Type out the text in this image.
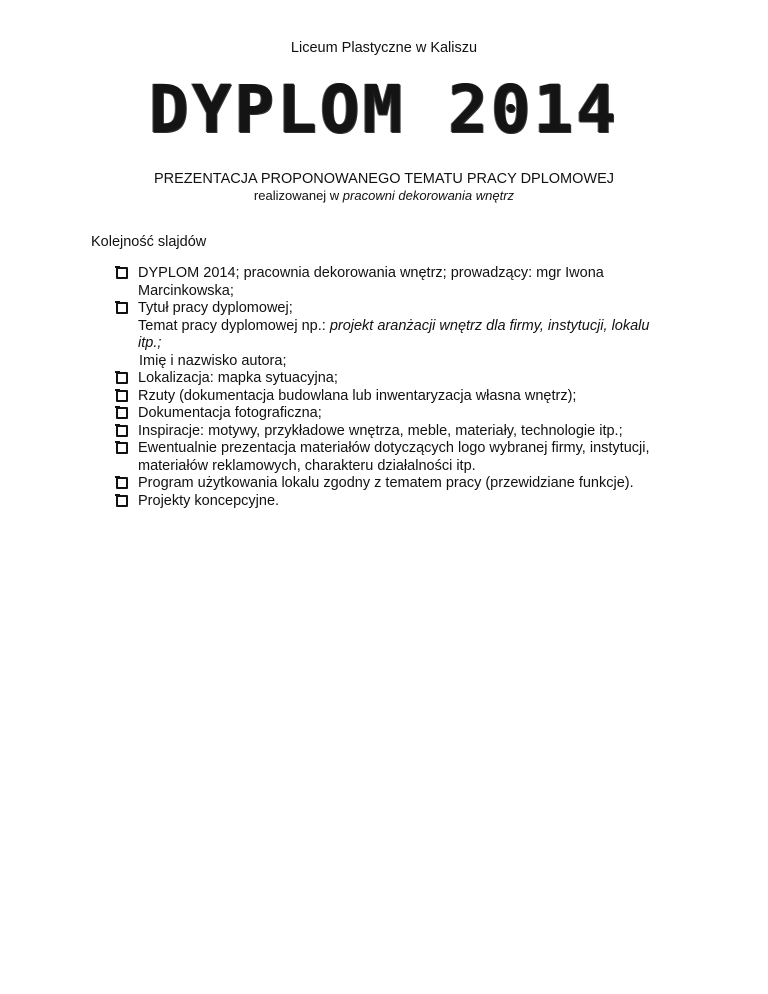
Liceum Plastyczne w Kaliszu
DYPLOM 2014
PREZENTACJA PROPONOWANEGO TEMATU PRACY DPLOMOWEJ
realizowanej w pracowni dekorowania wnętrz
Kolejność slajdów
DYPLOM 2014; pracownia dekorowania wnętrz; prowadzący: mgr Iwona Marcinkowska;
Tytuł pracy dyplomowej;
Temat pracy dyplomowej np.: projekt aranżacji wnętrz dla firmy, instytucji, lokalu itp.;
Imię i nazwisko autora;
Lokalizacja: mapka sytuacyjna;
Rzuty (dokumentacja budowlana lub inwentaryzacja własna wnętrz);
Dokumentacja fotograficzna;
Inspiracje: motywy, przykładowe wnętrza, meble, materiały, technologie itp.;
Ewentualnie prezentacja materiałów dotyczących logo wybranej firmy, instytucji, materiałów reklamowych, charakteru działalności itp.
Program użytkowania lokalu zgodny z tematem pracy (przewidziane funkcje).
Projekty koncepcyjne.
